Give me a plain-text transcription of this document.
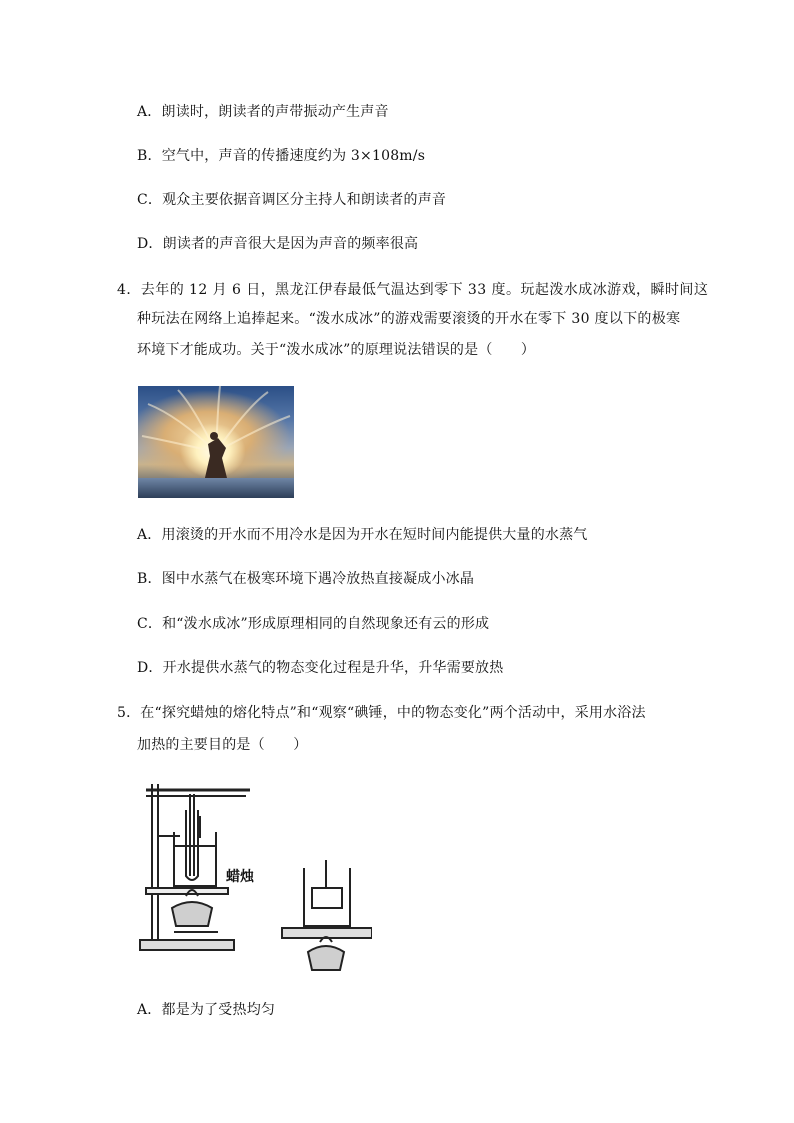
A．朗读时，朗读者的声带振动产生声音
B．空气中，声音的传播速度约为 3×108m/s
C．观众主要依据音调区分主持人和朗读者的声音
D．朗读者的声音很大是因为声音的频率很高
4．去年的 12 月 6 日，黑龙江伊春最低气温达到零下 33 度。玩起泼水成冰游戏，瞬时间这
种玩法在网络上追捧起来。“泼水成冰”的游戏需要滚烫的开水在零下 30 度以下的极寒
环境下才能成功。关于“泼水成冰”的原理说法错误的是（　　）
A．用滚烫的开水而不用冷水是因为开水在短时间内能提供大量的水蒸气
B．图中水蒸气在极寒环境下遇冷放热直接凝成小冰晶
C．和“泼水成冰”形成原理相同的自然现象还有云的形成
D．开水提供水蒸气的物态变化过程是升华，升华需要放热
5．在“探究蜡烛的熔化特点”和“观察“碘锤，中的物态变化”两个活动中，采用水浴法
加热的主要目的是（　　）
蜡烛
A．都是为了受热均匀
